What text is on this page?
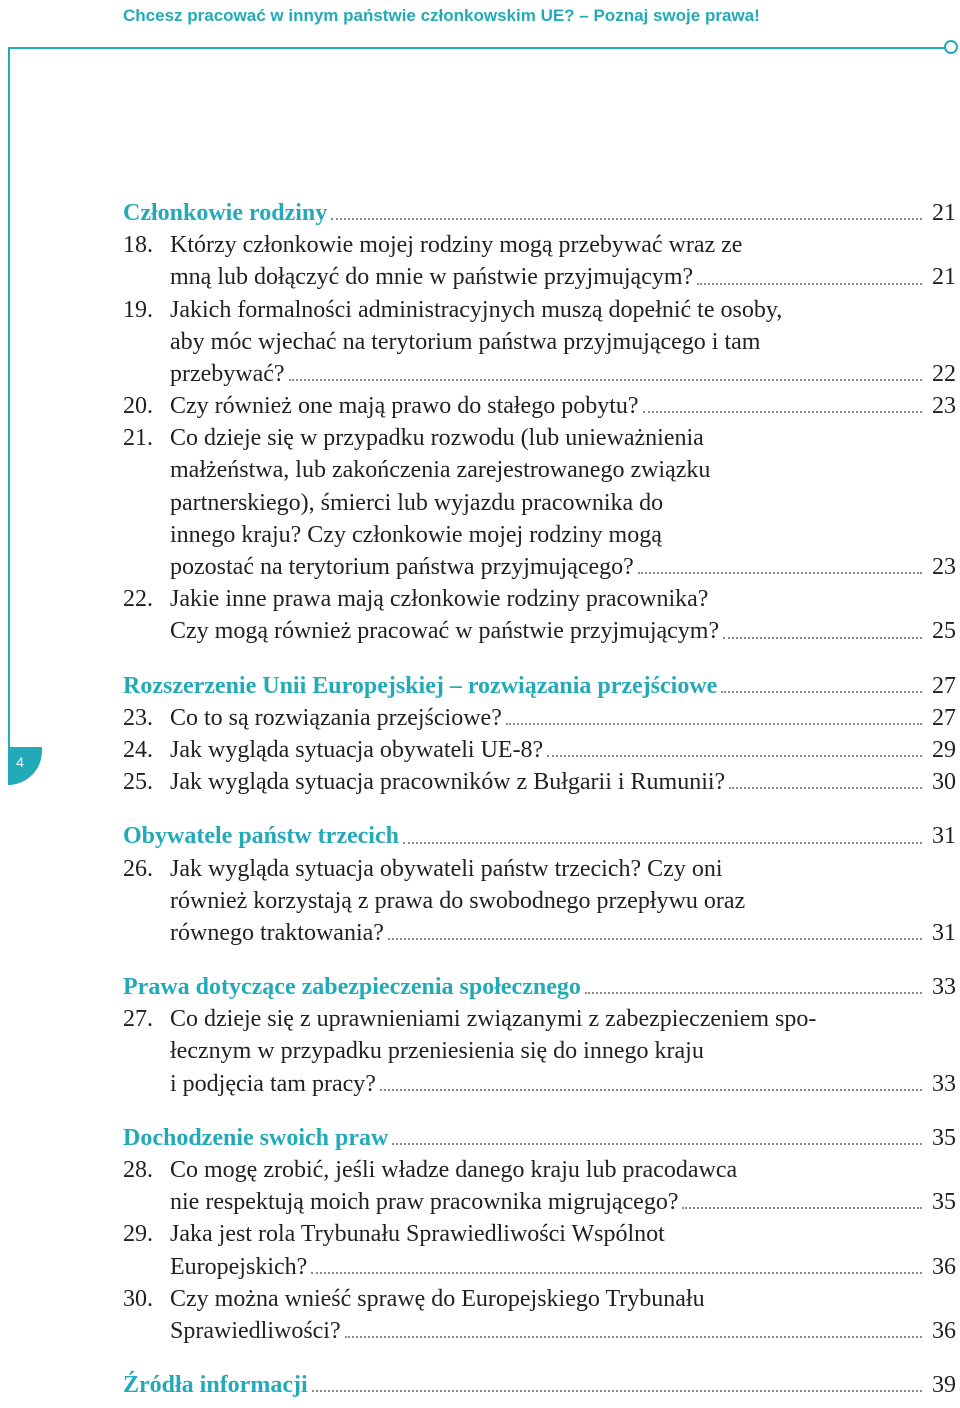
Chcesz pracować w innym państwie członkowskim UE? – Poznaj swoje prawa!
4
Członkowie rodziny	21
18. Którzy członkowie mojej rodziny mogą przebywać wraz ze
mną lub dołączyć do mnie w państwie przyjmującym?	21
19. Jakich formalności administracyjnych muszą dopełnić te osoby,
aby móc wjechać na terytorium państwa przyjmującego i tam
przebywać?	22
20. Czy również one mają prawo do stałego pobytu?	23
21. Co dzieje się w przypadku rozwodu (lub unieważnienia
małżeństwa, lub zakończenia zarejestrowanego związku
partnerskiego), śmierci lub wyjazdu pracownika do
innego kraju? Czy członkowie mojej rodziny mogą
pozostać na terytorium państwa przyjmującego?	23
22. Jakie inne prawa mają członkowie rodziny pracownika?
Czy mogą również pracować w państwie przyjmującym?	25
Rozszerzenie Unii Europejskiej – rozwiązania przejściowe	27
23. Co to są rozwiązania przejściowe?	27
24. Jak wygląda sytuacja obywateli UE-8?	29
25. Jak wygląda sytuacja pracowników z Bułgarii i Rumunii?	30
Obywatele państw trzecich	31
26. Jak wygląda sytuacja obywateli państw trzecich? Czy oni
również korzystają z prawa do swobodnego przepływu oraz
równego traktowania?	31
Prawa dotyczące zabezpieczenia społecznego	33
27. Co dzieje się z uprawnieniami związanymi z zabezpieczeniem spo-
łecznym w przypadku przeniesienia się do innego kraju
i podjęcia tam pracy?	33
Dochodzenie swoich praw	35
28. Co mogę zrobić, jeśli władze danego kraju lub pracodawca
nie respektują moich praw pracownika migrującego?	35
29. Jaka jest rola Trybunału Sprawiedliwości Wspólnot
Europejskich?	36
30. Czy można wnieść sprawę do Europejskiego Trybunału
Sprawiedliwości?	36
Źródła informacji	39
